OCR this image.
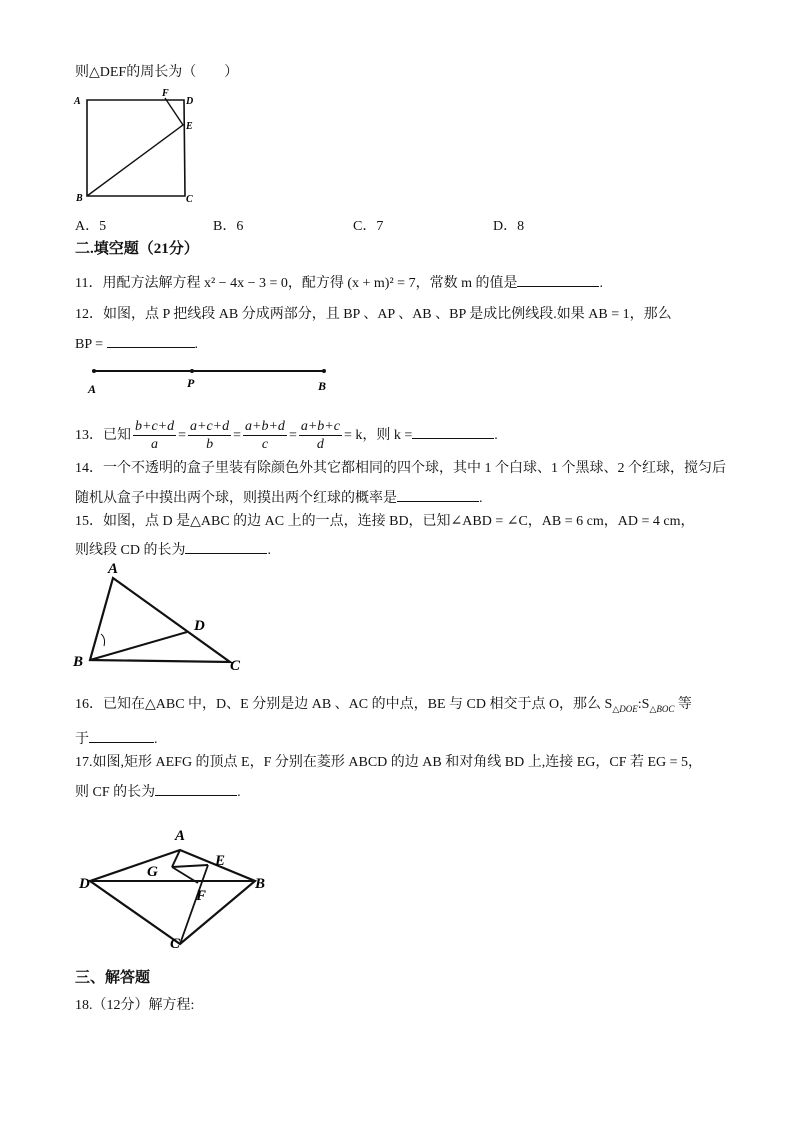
则△DEF的周长为（　　）
A
F
D
E
B	C
A．5	B．6	C．7	D．8
二.填空题（21分）
11．用配方法解方程 x² − 4x − 3 = 0，配方得 (x + m)² = 7，常数 m 的值是	.
12．如图，点 P 把线段 AB 分成两部分，且 BP 、AP 、AB 、BP 是成比例线段.如果 AB = 1，那么
BP =	.
A	P	B
13．已知 $\frac{b+c+d}{a} = \frac{a+c+d}{b} = \frac{a+b+d}{c} = \frac{a+b+c}{d} = k$，则 k =	.
14．一个不透明的盒子里装有除颜色外其它都相同的四个球，其中 1 个白球、1 个黑球、2 个红球，搅匀后
随机从盒子中摸出两个球，则摸出两个红球的概率是	.
15．如图，点 D 是△ABC 的边 AC 上的一点，连接 BD，已知∠ABD = ∠C，AB = 6 cm，AD = 4 cm，
则线段 CD 的长为	.
A
D
B	C
16．已知在△ABC 中，D、E 分别是边 AB 、AC 的中点，BE 与 CD 相交于点 O，那么 $S_{\triangle DOE}:S_{\triangle BOC}$ 等
于	.
17.如图,矩形 AEFG 的顶点 E，F 分别在菱形 ABCD 的边 AB 和对角线 BD 上,连接 EG，CF 若 EG = 5，
则 CF 的长为	.
A
E
G
D	B
F
C
三、解答题
18.（12分）解方程:
